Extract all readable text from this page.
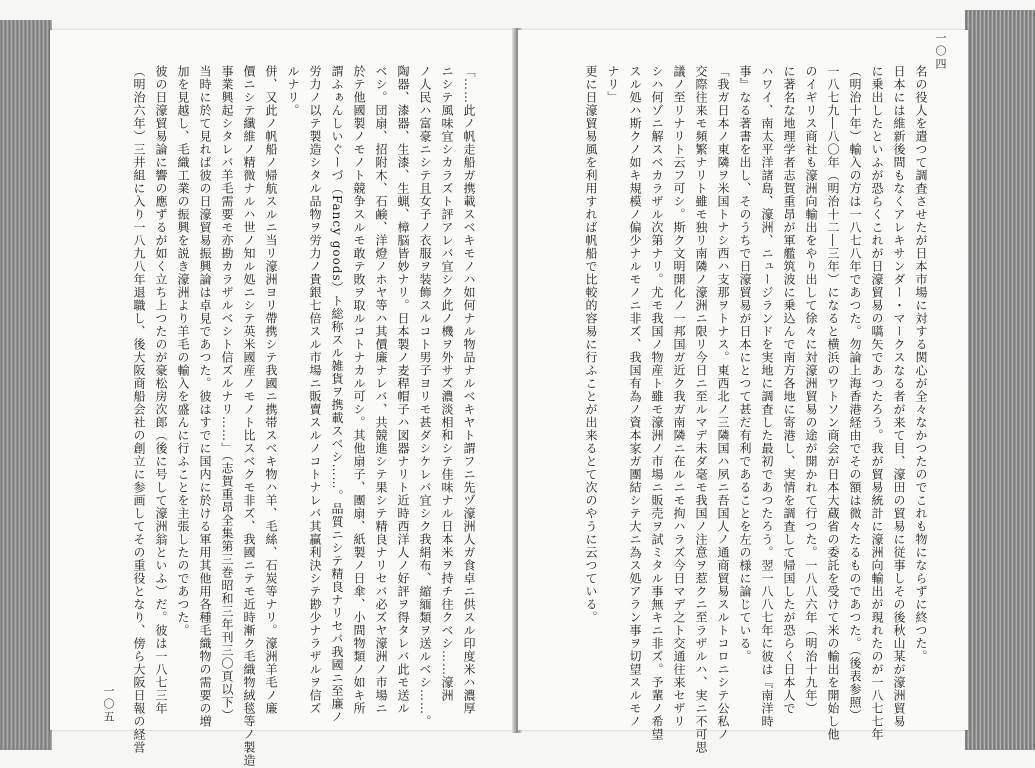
「……此ノ帆走船ガ携載スベキモノハ如何ナル物品ナルベキヤト謂フニ先ヅ濠洲人ガ食卓ニ供スル印度米ハ濃厚

ニシテ風味宜シカラズト評アレバ宜シク此ノ機ヲ外サズ濃淡相和シテ佳味ナル日本米ヲ持チ往クベシ……濠洲

ノ人民ハ富豪ニシテ且女子ノ衣服ヲ装飾スルコト男子ヨリモ甚ダシケレバ宜シク我絹布、縮緬類ヲ送ルベシ……。

陶器、漆器、生漆、生蝋、樟脳皆妙ナリ。日本製ノ麦稈帽子ハ図器ナリト近時西洋人ノ好評ヲ得タレバ此モ送ル

ベシ。団扇、招附木、石鹸、洋燈ノホヤ等ハ其價廉ナレバ、共競進シテ果シテ精良ナリセバ必ズヤ濠洲ノ市場ニ

於テ他國製ノモノト競争スルモ敢テ敗ヲ取ルコトナカル可シ。其他扇子、團扇、紙製ノ日傘、小間物類ノ如キ所

謂ふぁんしいぐーづ（Fancy goods）ト総称スル雑貨ヲ携載スベシ……。品質ニシテ精良ナリセバ我國ニ至廉ノ

労力ノ以テ製造シタル品物ヲ労力ノ貴銀七倍スル市場ニ販賣スルノコトナレバ其贏利決シテ尠少ナラザルヲ信ズ

ルナリ。

併、又此ノ帆船ノ帰航スルニ当リ濠洲ヨリ帶携シテ我國ニ携帯スベキ物ハ羊、毛絲、石炭等ナリ。濠洲羊毛ノ廉

價ニシテ纖維ノ精微ナルハ世ノ知ル処ニシテ英米國産ノモノト比スベクモ非ズ、我國ニテモ近時漸ク毛織物絨毯等ノ製造

事業興起シタレバ羊毛需要モ亦勘カラザルベシト信ズルナリ……」（志賀重昂全集第三巻昭和三年刊三〇頁以下）

当時に於て見れば彼の日濠貿易振興論は卓見であつた。彼はすでに国内に於ける軍用其他用各種毛織物の需要の増

加を見越し、毛織工業の振興を説き濠洲より羊毛の輸入を盛んに行ふことを主張したのであつた。

彼の日濠貿易論に響の應ずるが如く立ち上つたのが豪松房次郎（後に号して濠洲翁といふ）だ。彼は一八七三年

（明治六年）三井組に入り一八九八年退職し、後大阪商船会社の創立に参画してその重役となり、傍ら大阪日報の経営

一〇五

名の役人を遣つて調査させたが日本市場に対する関心が全々なかつたのでこれも物にならずに終つた。

日本には維新後間もなくアレキサンダー・マークスなる者が来て目、濠田の貿易に従事しその後秋山某が濠洲貿易

に乗出したといふが恐らくこれが日濠貿易の嚆矢であつたろう。我が貿易統計に濠洲向輸出が現れたのが一八七七年

（明治十年）輸入の方は一八七八年であつた。勿論上海香港経由でその額は微々たるものであつた。（後表参照）

一八七九―八〇年（明治十二―三年）になると横浜のワトソン商会が日本大蔵省の委託を受けて米の輸出を開始し他

のイギリス商社も濠洲向輸出をやり出して徐々に対濠洲貿易の途が開かれて行つた。一八八六年（明治十九年）

に著名な地理学者志賀重昂が軍艦筑波に乗込んで南方各地に寄港し、実情を調査して帰国したが恐らく日本人で

ハワイ、南太平洋諸島、濠洲、ニュージランドを実地に調査した最初であつたろう。翌一八八七年に彼は『南洋時

事』なる著書を出し、そのうちで日濠貿易が日本にとつて甚だ有利であることを左の様に論じている。

「我ガ日本ノ東隣ヲ米国トナシ西ハ支那ヲトナス。東西北ノ三隣国ハ夙ニ吾国人ノ通商貿易スルトコロニシテ公私ノ

交際往来モ頻繁ナリト雖モ独リ南隣ノ濠洲ニ限リ今日ニ至ルマデ未ダ毫モ我国ノ注意ヲ惹クニ至ラザルハ、実ニ不可思

議ノ至リナリト云フ可シ。斯ク文明開化ノ一邦国ガ近ク我ガ南隣ニ在ルニモ拘ハラズ今日マデ之ト交通往来セザリ

シハ何ゾニ解スベカラザル次第ナリ。尤モ我国ノ物産ト雖モ濠洲ノ市場ニ販売ヲ試ミタル事無キニ非ズ。予輩ノ希望

スル処ハ斯クノ如キ規模ノ偏少ナルモノニ非ズ、我国有為ノ資本家ガ團結シテ大ニ為ス処アラン事ヲ切望スルモノ

ナリ」

更に日濠貿易風を利用すれば帆船で比較的容易に行ふことが出来るとて次のやうに云つている。

一〇四
